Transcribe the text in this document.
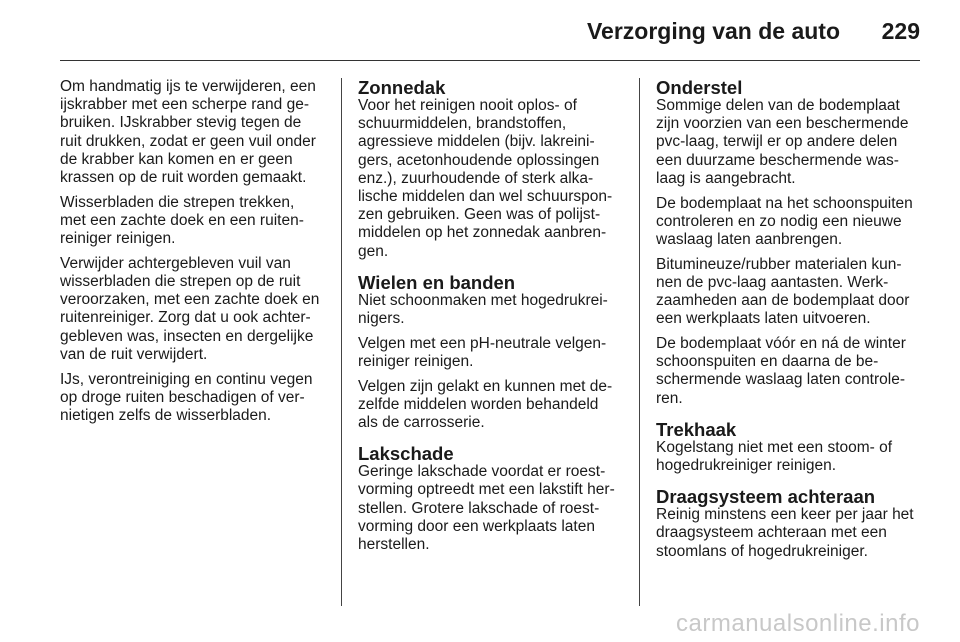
Verzorging van de auto 229

Om handmatig ijs te verwijderen, een ijskrabber met een scherpe rand ge-bruiken. IJskrabber stevig tegen de ruit drukken, zodat er geen vuil onder de krabber kan komen en er geen krassen op de ruit worden gemaakt.

Wisserbladen die strepen trekken, met een zachte doek en een ruiten-reiniger reinigen.

Verwijder achtergebleven vuil van wisserbladen die strepen op de ruit veroorzaken, met een zachte doek en ruitenreiniger. Zorg dat u ook achter-gebleven was, insecten en dergelijke van de ruit verwijdert.

IJs, verontreiniging en continu vegen op droge ruiten beschadigen of ver-nietigen zelfs de wisserbladen.

Zonnedak

Voor het reinigen nooit oplos- of schuurmiddelen, brandstoffen, agressieve middelen (bijv. lakreini-gers, acetonhoudende oplossingen enz.), zuurhoudende of sterk alka-lische middelen dan wel schuurspon-zen gebruiken. Geen was of polijst-middelen op het zonnedak aanbren-gen.

Wielen en banden

Niet schoonmaken met hogedrukrei-nigers.

Velgen met een pH-neutrale velgen-reiniger reinigen.

Velgen zijn gelakt en kunnen met de-zelfde middelen worden behandeld als de carrosserie.

Lakschade

Geringe lakschade voordat er roest-vorming optreedt met een lakstift her-stellen. Grotere lakschade of roest-vorming door een werkplaats laten herstellen.

Onderstel

Sommige delen van de bodemplaat zijn voorzien van een beschermende pvc-laag, terwijl er op andere delen een duurzame beschermende was-laag is aangebracht.

De bodemplaat na het schoonspuiten controleren en zo nodig een nieuwe waslaag laten aanbrengen.

Bitumineuze/rubber materialen kun-nen de pvc-laag aantasten. Werk-zaamheden aan de bodemplaat door een werkplaats laten uitvoeren.

De bodemplaat vóór en ná de winter schoonspuiten en daarna de be-schermende waslaag laten controle-ren.

Trekhaak

Kogelstang niet met een stoom- of hogedrukreiniger reinigen.

Draagsysteem achteraan

Reinig minstens een keer per jaar het draagsysteem achteraan met een stoomlans of hogedrukreiniger.

carmanualsonline.info
